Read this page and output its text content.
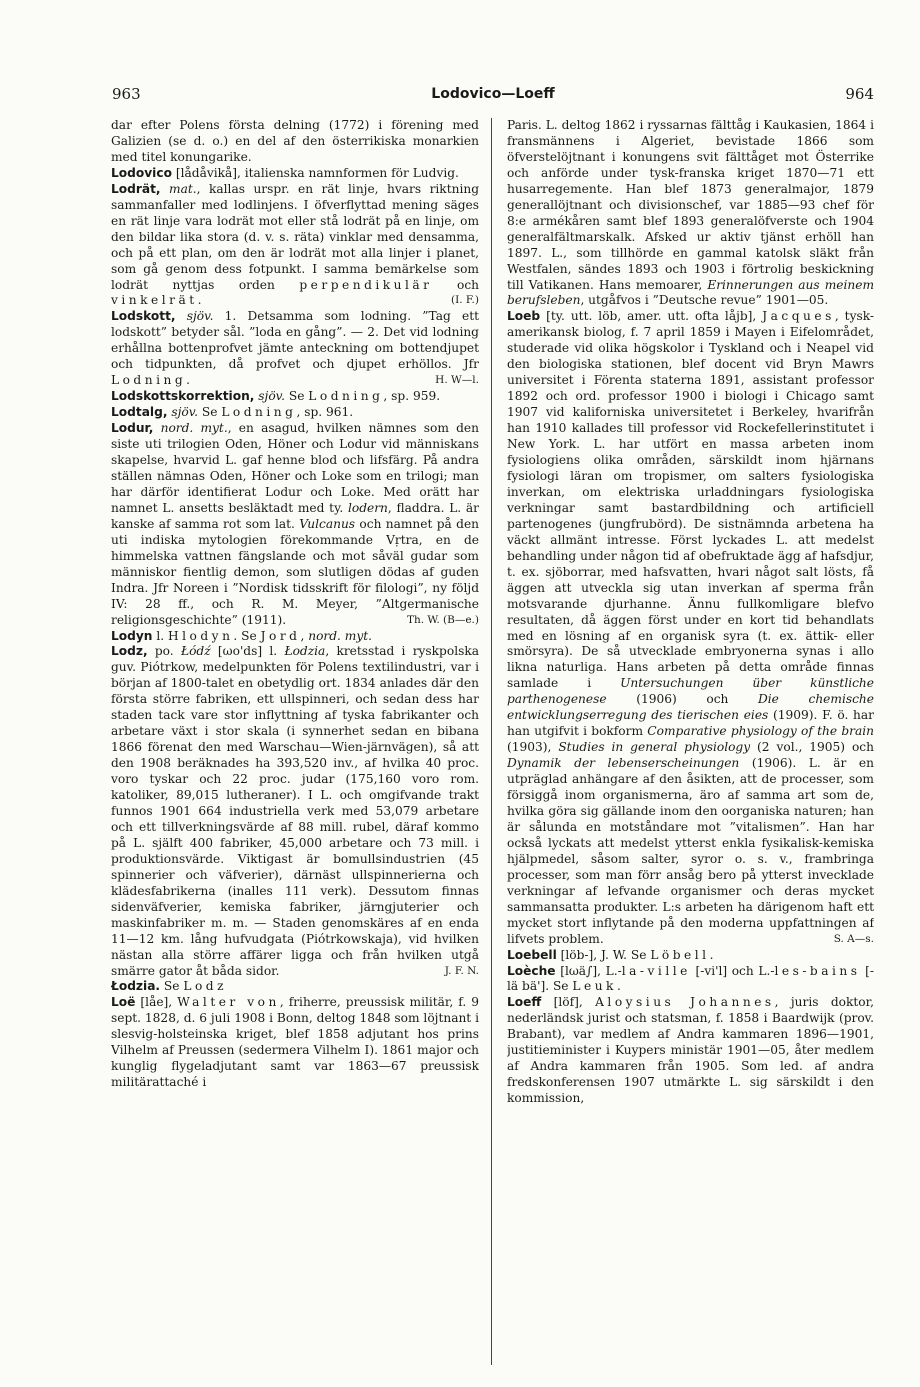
963	Lodovico—Loeff	964

dar efter Polens första delning (1772) i förening med Galizien (se d. o.) en del af den österrikiska monarkien med titel konungarike.

Lodovico [lådåvikå], italienska namnformen för Ludvig.

Lodrät, mat., kallas urspr. en rät linje, hvars riktning sammanfaller med lodlinjens. I öfverflyttad mening säges en rät linje vara lodrät mot eller stå lodrät på en linje, om den bildar lika stora (d. v. s. räta) vinklar med densamma, och på ett plan, om den är lodrät mot alla linjer i planet, som gå genom dess fotpunkt. I samma bemärkelse som lodrät nyttjas orden perpendikulär och vinkelrät.	(I. F.)

Lodskott, sjöv. 1. Detsamma som lodning. ”Tag ett lodskott” betyder sål. ”loda en gång”. — 2. Det vid lodning erhållna bottenprofvet jämte anteckning om bottendjupet och tidpunkten, då profvet och djupet erhöllos. Jfr Lodning.	H. W—l.

Lodskottskorrektion, sjöv. Se Lodning, sp. 959.

Lodtalg, sjöv. Se Lodning, sp. 961.

Lodur, nord. myt., en asagud, hvilken nämnes som den siste uti trilogien Oden, Höner och Lodur vid människans skapelse, hvarvid L. gaf henne blod och lifsfärg. På andra ställen nämnas Oden, Höner och Loke som en trilogi; man har därför identifierat Lodur och Loke. Med orätt har namnet L. ansetts besläktadt med ty. lodern, fladdra. L. är kanske af samma rot som lat. Vulcanus och namnet på den uti indiska mytologien förekommande Vṛtra, en de himmelska vattnen fängslande och mot såväl gudar som människor fientlig demon, som slutligen dödas af guden Indra. Jfr Noreen i ”Nordisk tidsskrift för filologi”, ny följd IV: 28 ff., och R. M. Meyer, ”Altgermanische religionsgeschichte” (1911).	Th. W. (B—e.)

Lodyn l. Hlodyn. Se Jord, nord. myt.

Lodz, po. Łódź [ωo'ds] l. Łodzia, kretsstad i ryskpolska guv. Piótrkow, medelpunkten för Polens textilindustri, var i början af 1800-talet en obetydlig ort. 1834 anlades där den första större fabriken, ett ullspinneri, och sedan dess har staden tack vare stor inflyttning af tyska fabrikanter och arbetare växt i stor skala (i synnerhet sedan en bibana 1866 förenat den med Warschau—Wien-järnvägen), så att den 1908 beräknades ha 393,520 inv., af hvilka 40 proc. voro tyskar och 22 proc. judar (175,160 voro rom. katoliker, 89,015 lutheraner). I L. och omgifvande trakt funnos 1901 664 industriella verk med 53,079 arbetare och ett tillverkningsvärde af 88 mill. rubel, däraf kommo på L. själft 400 fabriker, 45,000 arbetare och 73 mill. i produktionsvärde. Viktigast är bomullsindustrien (45 spinnerier och väfverier), därnäst ullspinnerierna och klädesfabrikerna (inalles 111 verk). Dessutom finnas sidenväfverier, kemiska fabriker, järngjuterier och maskinfabriker m. m. — Staden genomskäres af en enda 11—12 km. lång hufvudgata (Piótrkowskaja), vid hvilken nästan alla större affärer ligga och från hvilken utgå smärre gator åt båda sidor.	J. F. N.

Łodzia. Se Lodz

Loë [låe], Walter von, friherre, preussisk militär, f. 9 sept. 1828, d. 6 juli 1908 i Bonn, deltog 1848 som löjtnant i slesvig-holsteinska kriget, blef 1858 adjutant hos prins Vilhelm af Preussen (sedermera Vilhelm I). 1861 major och kunglig flygeladjutant samt var 1863—67 preussisk militärattaché i

Paris. L. deltog 1862 i ryssarnas fälttåg i Kaukasien, 1864 i fransmännens i Algeriet, bevistade 1866 som öfverstelöjtnant i konungens svit fälttåget mot Österrike och anförde under tysk-franska kriget 1870—71 ett husarregemente. Han blef 1873 generalmajor, 1879 generallöjtnant och divisionschef, var 1885—93 chef för 8:e armékåren samt blef 1893 generalöfverste och 1904 generalfältmarskalk. Afsked ur aktiv tjänst erhöll han 1897. L., som tillhörde en gammal katolsk släkt från Westfalen, sändes 1893 och 1903 i förtrolig beskickning till Vatikanen. Hans memoarer, Erinnerungen aus meinem berufsleben, utgåfvos i ”Deutsche revue” 1901—05.

Loeb [ty. utt. löb, amer. utt. ofta låjb], Jacques, tysk-amerikansk biolog, f. 7 april 1859 i Mayen i Eifelområdet, studerade vid olika högskolor i Tyskland och i Neapel vid den biologiska stationen, blef docent vid Bryn Mawrs universitet i Förenta staterna 1891, assistant professor 1892 och ord. professor 1900 i biologi i Chicago samt 1907 vid kaliforniska universitetet i Berkeley, hvarifrån han 1910 kallades till professor vid Rockefellerinstitutet i New York. L. har utfört en massa arbeten inom fysiologiens olika områden, särskildt inom hjärnans fysiologi läran om tropismer, om salters fysiologiska inverkan, om elektriska urladdningars fysiologiska verkningar samt bastardbildning och artificiell partenogenes (jungfrubörd). De sistnämnda arbetena ha väckt allmänt intresse. Först lyckades L. att medelst behandling under någon tid af obefruktade ägg af hafsdjur, t. ex. sjöborrar, med hafsvatten, hvari något salt lösts, få äggen att utveckla sig utan inverkan af sperma från motsvarande djurhanne. Ännu fullkomligare blefvo resultaten, då äggen först under en kort tid behandlats med en lösning af en organisk syra (t. ex. ättik- eller smörsyra). De så utvecklade embryonerna synas i allo likna naturliga. Hans arbeten på detta område finnas samlade i Untersuchungen über künstliche parthenogenese (1906) och Die chemische entwicklungserregung des tierischen eies (1909). F. ö. har han utgifvit i bokform Comparative physiology of the brain (1903), Studies in general physiology (2 vol., 1905) och Dynamik der lebenserscheinungen (1906). L. är en utpräglad anhängare af den åsikten, att de processer, som försiggå inom organismerna, äro af samma art som de, hvilka göra sig gällande inom den oorganiska naturen; han är sålunda en motståndare mot ”vitalismen”. Han har också lyckats att medelst ytterst enkla fysikalisk-kemiska hjälpmedel, såsom salter, syror o. s. v., frambringa processer, som man förr ansåg bero på ytterst invecklade verkningar af lefvande organismer och deras mycket sammansatta produkter. L:s arbeten ha därigenom haft ett mycket stort inflytande på den moderna uppfattningen af lifvets problem.	S. A—s.

Loebell [löb-], J. W. Se Löbell.

Loèche [lωä∫], L.-la-ville [-vi'l] och L.-les-bains [-lä bä']. Se Leuk.

Loeff [löf], Aloysius Johannes, juris doktor, nederländsk jurist och statsman, f. 1858 i Baardwijk (prov. Brabant), var medlem af Andra kammaren 1896—1901, justitieminister i Kuypers ministär 1901—05, åter medlem af Andra kammaren från 1905. Som led. af andra fredskonferensen 1907 utmärkte L. sig särskildt i den kommission,
